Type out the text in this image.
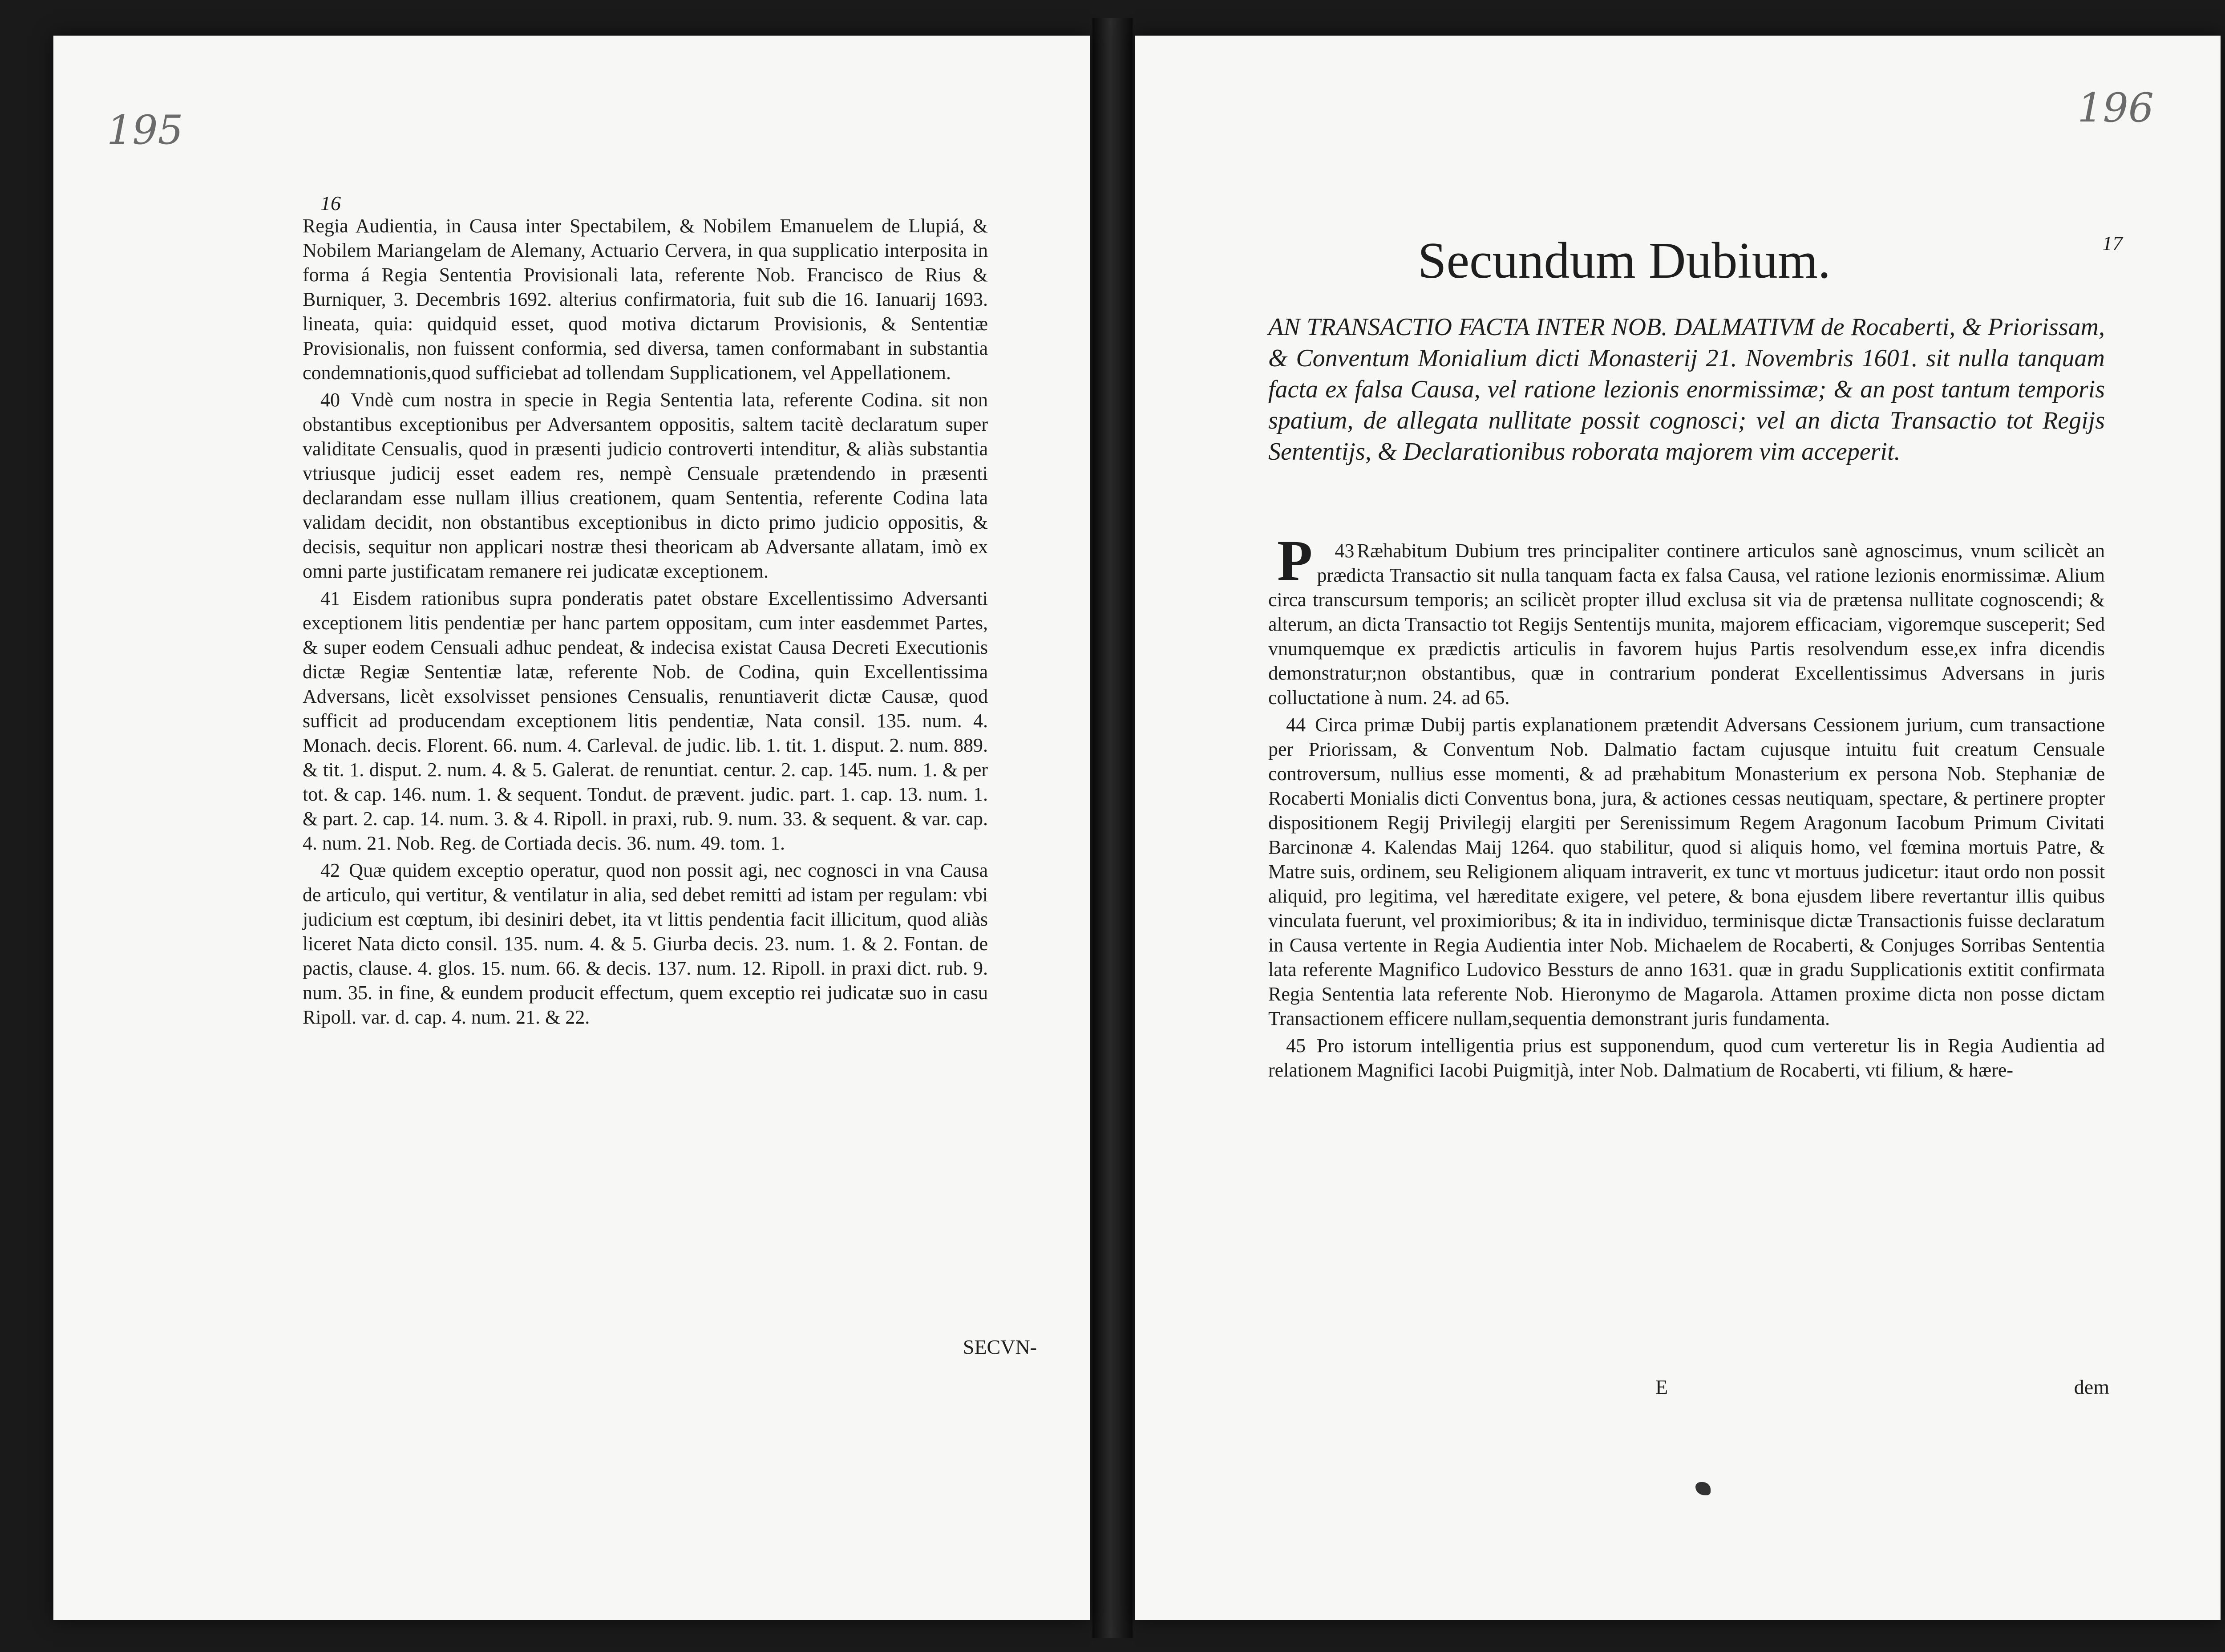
195
16

Regia Audientia, in Causa inter Spectabilem, & Nobilem Emanuelem de Llupiá, & Nobilem Mariangelam de Alemany, Actuario Cervera, in qua supplicatio interposita in forma á Regia Sententia Provisionali lata, referente Nob. Francisco de Rius & Burniquer, 3. Decembris 1692. alterius confirmatoria, fuit sub die 16. Ianuarij 1693. lineata, quia: quidquid esset, quod motiva dictarum Provisionis, & Sententiæ Provisionalis, non fuissent conformia, sed diversa, tamen conformabant in substantia condemnationis,quod sufficiebat ad tollendam Supplicationem, vel Appellationem.

40 Vndè cum nostra in specie in Regia Sententia lata, referente Codina. sit non obstantibus exceptionibus per Adversantem oppositis, saltem tacitè declaratum super validitate Censualis, quod in præsenti judicio controverti intenditur, & aliàs substantia vtriusque judicij esset eadem res, nempè Censuale prætendendo in præsenti declarandam esse nullam illius creationem, quam Sententia, referente Codina lata validam decidit, non obstantibus exceptionibus in dicto primo judicio oppositis, & decisis, sequitur non applicari nostræ thesi theoricam ab Adversante allatam, imò ex omni parte justificatam remanere rei judicatæ exceptionem.

41 Eisdem rationibus supra ponderatis patet obstare Excellentissimo Adversanti exceptionem litis pendentiæ per hanc partem oppositam, cum inter easdemmet Partes, & super eodem Censuali adhuc pendeat, & indecisa existat Causa Decreti Executionis dictæ Regiæ Sententiæ latæ, referente Nob. de Codina, quin Excellentissima Adversans, licèt exsolvisset pensiones Censualis, renuntiaverit dictæ Causæ, quod sufficit ad producendam exceptionem litis pendentiæ, Nata consil. 135. num. 4. Monach. decis. Florent. 66. num. 4. Carleval. de judic. lib. 1. tit. 1. disput. 2. num. 889. & tit. 1. disput. 2. num. 4. & 5. Galerat. de renuntiat. centur. 2. cap. 145. num. 1. & per tot. & cap. 146. num. 1. & sequent. Tondut. de prævent. judic. part. 1. cap. 13. num. 1. & part. 2. cap. 14. num. 3. & 4. Ripoll. in praxi, rub. 9. num. 33. & sequent. & var. cap. 4. num. 21. Nob. Reg. de Cortiada decis. 36. num. 49. tom. 1.

42 Quæ quidem exceptio operatur, quod non possit agi, nec cognosci in vna Causa de articulo, qui vertitur, & ventilatur in alia, sed debet remitti ad istam per regulam: vbi judicium est cœptum, ibi desiniri debet, ita vt littis pendentia facit illicitum, quod aliàs liceret Nata dicto consil. 135. num. 4. & 5. Giurba decis. 23. num. 1. & 2. Fontan. de pactis, clause. 4. glos. 15. num. 66. & decis. 137. num. 12. Ripoll. in praxi dict. rub. 9. num. 35. in fine, & eundem producit effectum, quem exceptio rei judicatæ suo in casu Ripoll. var. d. cap. 4. num. 21. & 22.

SECVN-
196
17
Secundum Dubium.
AN TRANSACTIO FACTA INTER NOB. DALMATIVM de Rocaberti, & Priorissam, & Conventum Monialium dicti Monasterij 21. Novembris 1601. sit nulla tanquam facta ex falsa Causa, vel ratione lezionis enormissimæ; & an post tantum temporis spatium, de allegata nullitate possit cognosci; vel an dicta Transactio tot Regijs Sententijs, & Declarationibus roborata majorem vim acceperit.

43
P Ræhabitum Dubium tres principaliter continere articulos sanè agnoscimus, vnum scilicèt an prædicta Transactio sit nulla tanquam facta ex falsa Causa, vel ratione lezionis enormissimæ. Alium circa transcursum temporis; an scilicèt propter illud exclusa sit via de prætensa nullitate cognoscendi; & alterum, an dicta Transactio tot Regijs Sententijs munita, majorem efficaciam, vigoremque susceperit; Sed vnumquemque ex prædictis articulis in favorem hujus Partis resolvendum esse,ex infra dicendis demonstratur;non obstantibus, quæ in contrarium ponderat Excellentissimus Adversans in juris colluctatione à num. 24. ad 65.

44 Circa primæ Dubij partis explanationem prætendit Adversans Cessionem jurium, cum transactione per Priorissam, & Conventum Nob. Dalmatio factam cujusque intuitu fuit creatum Censuale controversum, nullius esse momenti, & ad præhabitum Monasterium ex persona Nob. Stephaniæ de Rocaberti Monialis dicti Conventus bona, jura, & actiones cessas neutiquam, spectare, & pertinere propter dispositionem Regij Privilegij elargiti per Serenissimum Regem Aragonum Iacobum Primum Civitati Barcinonæ 4. Kalendas Maij 1264. quo stabilitur, quod si aliquis homo, vel fœmina mortuis Patre, & Matre suis, ordinem, seu Religionem aliquam intraverit, ex tunc vt mortuus judicetur: itaut ordo non possit aliquid, pro legitima, vel hæreditate exigere, vel petere, & bona ejusdem libere revertantur illis quibus vinculata fuerunt, vel proximioribus; & ita in individuo, terminisque dictæ Transactionis fuisse declaratum in Causa vertente in Regia Audientia inter Nob. Michaelem de Rocaberti, & Conjuges Sorribas Sententia lata referente Magnifico Ludovico Bessturs de anno 1631. quæ in gradu Supplicationis extitit confirmata Regia Sententia lata referente Nob. Hieronymo de Magarola. Attamen proxime dicta non posse dictam Transactionem efficere nullam,sequentia demonstrant juris fundamenta.

45 Pro istorum intelligentia prius est supponendum, quod cum verteretur lis in Regia Audientia ad relationem Magnifici Iacobi Puigmitjà, inter Nob. Dalmatium de Rocaberti, vti filium, & hære-

E	dem
